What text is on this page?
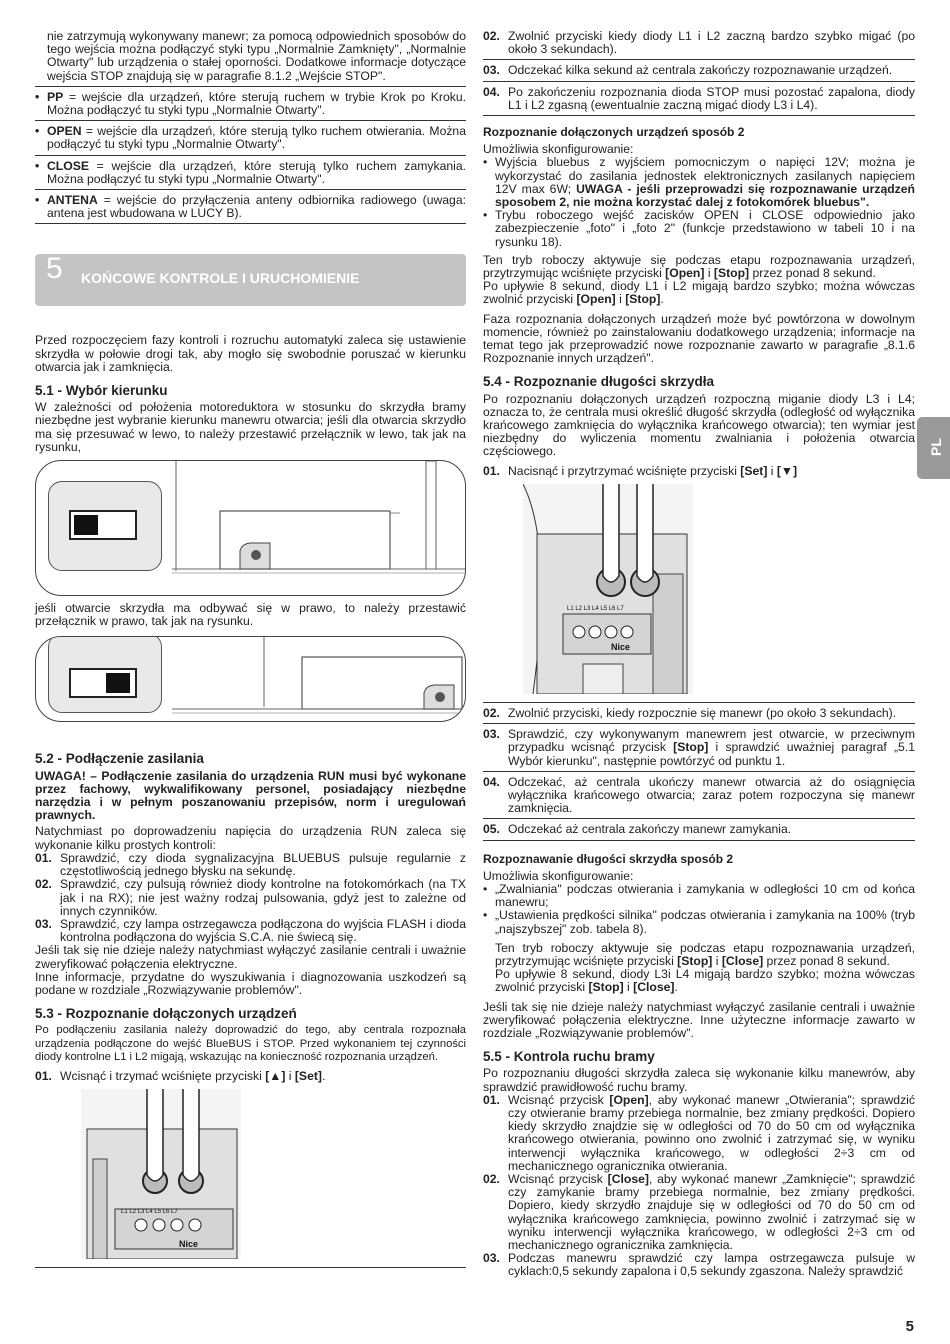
nie zatrzymują wykonywany manewr; za pomocą odpowiednich sposobów do tego wejścia można podłączyć styki typu „Normalnie Zamknięty", „Normalnie Otwarty" lub urządzenia o stałej oporności. Dodatkowe informacje dotyczące wejścia STOP znajdują się w paragrafie 8.1.2 „Wejście STOP".

• PP = wejście dla urządzeń, które sterują ruchem w trybie Krok po Kroku. Można podłączyć tu styki typu „Normalnie Otwarty".
• OPEN = wejście dla urządzeń, które sterują tylko ruchem otwierania. Można podłączyć tu styki typu „Normalnie Otwarty".
• CLOSE = wejście dla urządzeń, które sterują tylko ruchem zamykania. Można podłączyć tu styki typu „Normalnie Otwarty".
• ANTENA = wejście do przyłączenia anteny odbiornika radiowego (uwaga: antena jest wbudowana w LUCY B).
5 KOŃCOWE KONTROLE I URUCHOMIENIE

Przed rozpoczęciem fazy kontroli i rozruchu automatyki zaleca się ustawienie skrzydła w połowie drogi tak, aby mogło się swobodnie poruszać w kierunku otwarcia jak i zamknięcia.

5.1 - Wybór kierunku

W zależności od położenia motoreduktora w stosunku do skrzydła bramy niezbędne jest wybranie kierunku manewru otwarcia; jeśli dla otwarcia skrzydło ma się przesuwać w lewo, to należy przestawić przełącznik w lewo, tak jak na rysunku,

jeśli otwarcie skrzydła ma odbywać się w prawo, to należy przestawić przełącznik w prawo, tak jak na rysunku.

5.2 - Podłączenie zasilania

UWAGA! – Podłączenie zasilania do urządzenia RUN musi być wykonane przez fachowy, wykwalifikowany personel, posiadający niezbędne narzędzia i w pełnym poszanowaniu przepisów, norm i uregulowań prawnych.

Natychmiast po doprowadzeniu napięcia do urządzenia RUN zaleca się wykonanie kilku prostych kontroli:

01. Sprawdzić, czy dioda sygnalizacyjna BLUEBUS pulsuje regularnie z częstotliwością jednego błysku na sekundę.
02. Sprawdzić, czy pulsują również diody kontrolne na fotokomórkach (na TX jak i na RX); nie jest ważny rodzaj pulsowania, gdyż jest to zależne od innych czynników.
03. Sprawdzić, czy lampa ostrzegawcza podłączona do wyjścia FLASH i dioda kontrolna podłączona do wyjścia S.C.A. nie świecą się.

Jeśli tak się nie dzieje należy natychmiast wyłączyć zasilanie centrali i uważnie zweryfikować połączenia elektryczne.

Inne informacje, przydatne do wyszukiwania i diagnozowania uszkodzeń są podane w rozdziale „Rozwiązywanie problemów".

5.3 - Rozpoznanie dołączonych urządzeń

Po podłączeniu zasilania należy doprowadzić do tego, aby centrala rozpoznała urządzenia podłączone do wejść BlueBUS i STOP. Przed wykonaniem tej czynności diody kontrolne L1 i L2 migają, wskazując na konieczność rozpoznania urządzeń.

01. Wcisnąć i trzymać wciśnięte przyciski [▲] i [Set].
L1 L2 L3 L4 L5 L6 L7
Nice
02. Zwolnić przyciski kiedy diody L1 i L2 zaczną bardzo szybko migać (po około 3 sekundach).
03. Odczekać kilka sekund aż centrala zakończy rozpoznawanie urządzeń.
04. Po zakończeniu rozpoznania dioda STOP musi pozostać zapalona, diody L1 i L2 zgasną (ewentualnie zaczną migać diody L3 i L4).
Rozpoznanie dołączonych urządzeń sposób 2

Umożliwia skonfigurowanie:

• Wyjścia bluebus z wyjściem pomocniczym o napięci 12V; można je wykorzystać do zasilania jednostek elektronicznych zasilanych napięciem 12V max 6W; UWAGA - jeśli przeprowadzi się rozpoznawanie urządzeń sposobem 2, nie można korzystać dalej z fotokomórek bluebus".
• Trybu roboczego wejść zacisków OPEN i CLOSE odpowiednio jako zabezpieczenie „foto" i „foto 2" (funkcje przedstawiono w tabeli 10 i na rysunku 18).

Ten tryb roboczy aktywuje się podczas etapu rozpoznawania urządzeń, przytrzymując wciśnięte przyciski [Open] i [Stop] przez ponad 8 sekund.

Po upływie 8 sekund, diody L1 i L2 migają bardzo szybko; można wówczas zwolnić przyciski [Open] i [Stop].

Faza rozpoznania dołączonych urządzeń może być powtórzona w dowolnym momencie, również po zainstalowaniu dodatkowego urządzenia; informacje na temat tego jak przeprowadzić nowe rozpoznanie zawarto w paragrafie „8.1.6 Rozpoznanie innych urządzeń".

5.4 - Rozpoznanie długości skrzydła

Po rozpoznaniu dołączonych urządzeń rozpoczną miganie diody L3 i L4; oznacza to, że centrala musi określić długość skrzydła (odległość od wyłącznika krańcowego zamknięcia do wyłącznika krańcowego otwarcia); ten wymiar jest niezbędny do wyliczenia momentu zwalniania i położenia otwarcia częściowego.

01. Nacisnąć i przytrzymać wciśnięte przyciski [Set] i [▼]
L1 L2 L3 L4 L5 L6 L7
Nice
02. Zwolnić przyciski, kiedy rozpocznie się manewr (po około 3 sekundach).
03. Sprawdzić, czy wykonywanym manewrem jest otwarcie, w przeciwnym przypadku wcisnąć przycisk [Stop] i sprawdzić uważniej paragraf „5.1 Wybór kierunku", następnie powtórzyć od punktu 1.
04. Odczekać, aż centrala ukończy manewr otwarcia aż do osiągnięcia wyłącznika krańcowego otwarcia; zaraz potem rozpoczyna się manewr zamknięcia.
05. Odczekać aż centrala zakończy manewr zamykania.
Rozpoznawanie długości skrzydła sposób 2

Umożliwia skonfigurowanie:

• „Zwalniania" podczas otwierania i zamykania w odległości 10 cm od końca manewru;
• „Ustawienia prędkości silnika" podczas otwierania i zamykania na 100% (tryb „najszybszej" zob. tabela 8).

Ten tryb roboczy aktywuje się podczas etapu rozpoznawania urządzeń, przytrzymując wciśnięte przyciski [Stop] i [Close] przez ponad 8 sekund.

Po upływie 8 sekund, diody L3i L4 migają bardzo szybko; można wówczas zwolnić przyciski [Stop] i [Close].

Jeśli tak się nie dzieje należy natychmiast wyłączyć zasilanie centrali i uważnie zweryfikować połączenia elektryczne. Inne użyteczne informacje zawarto w rozdziale „Rozwiązywanie problemów".

5.5 - Kontrola ruchu bramy

Po rozpoznaniu długości skrzydła zaleca się wykonanie kilku manewrów, aby sprawdzić prawidłowość ruchu bramy.

01. Wcisnąć przycisk [Open], aby wykonać manewr „Otwierania"; sprawdzić czy otwieranie bramy przebiega normalnie, bez zmiany prędkości. Dopiero kiedy skrzydło znajdzie się w odległości od 70 do 50 cm od wyłącznika krańcowego otwierania, powinno ono zwolnić i zatrzymać się, w wyniku interwencji wyłącznika krańcowego, w odległości 2÷3 cm od mechanicznego ogranicznika otwierania.
02. Wcisnąć przycisk [Close], aby wykonać manewr „Zamknięcie"; sprawdzić czy zamykanie bramy przebiega normalnie, bez zmiany prędkości. Dopiero, kiedy skrzydło znajduje się w odległości od 70 do 50 cm od wyłącznika krańcowego zamknięcia, powinno zwolnić i zatrzymać się w wyniku interwencji wyłącznika krańcowego, w odległości 2÷3 cm od mechanicznego ogranicznika zamknięcia.
03. Podczas manewru sprawdzić czy lampa ostrzegawcza pulsuje w cyklach:0,5 sekundy zapalona i 0,5 sekundy zgaszona. Należy sprawdzić
PL
5
